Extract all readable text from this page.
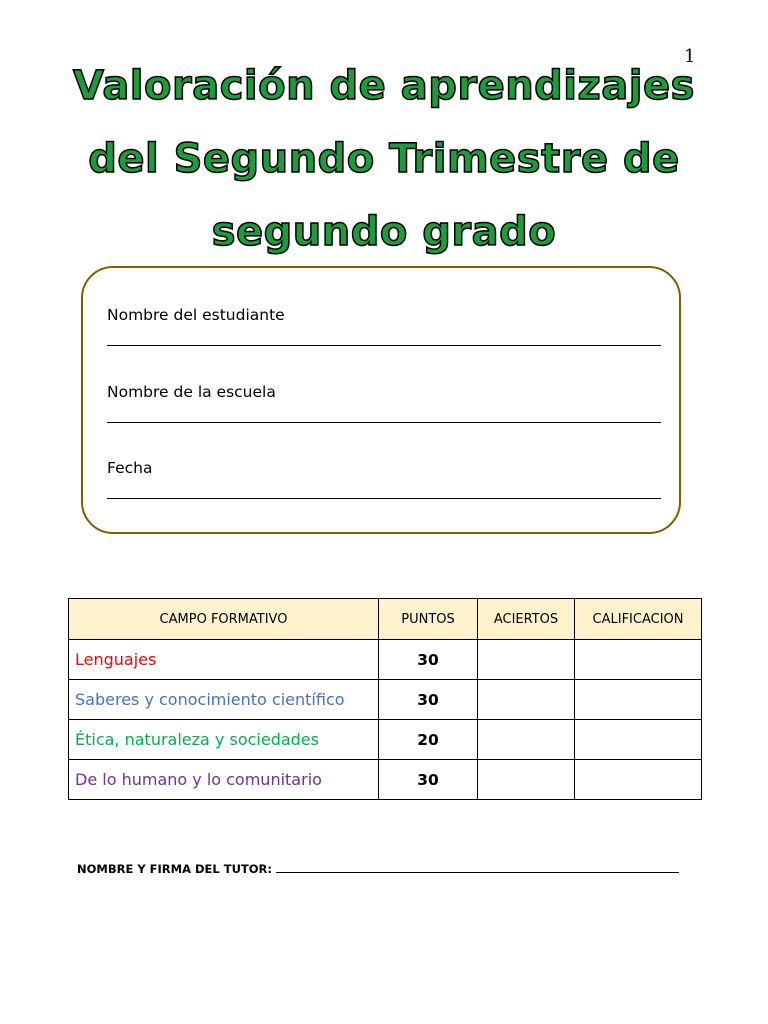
1
Valoración de aprendizajes
del Segundo Trimestre de
segundo grado
Nombre del estudiante
Nombre de la escuela
Fecha
CAMPO FORMATIVO	PUNTOS	ACIERTOS	CALIFICACION
Lenguajes	30		
Saberes y conocimiento científico	30		
Ética, naturaleza y sociedades	20		
De lo humano y lo comunitario	30		
NOMBRE Y FIRMA DEL TUTOR:
